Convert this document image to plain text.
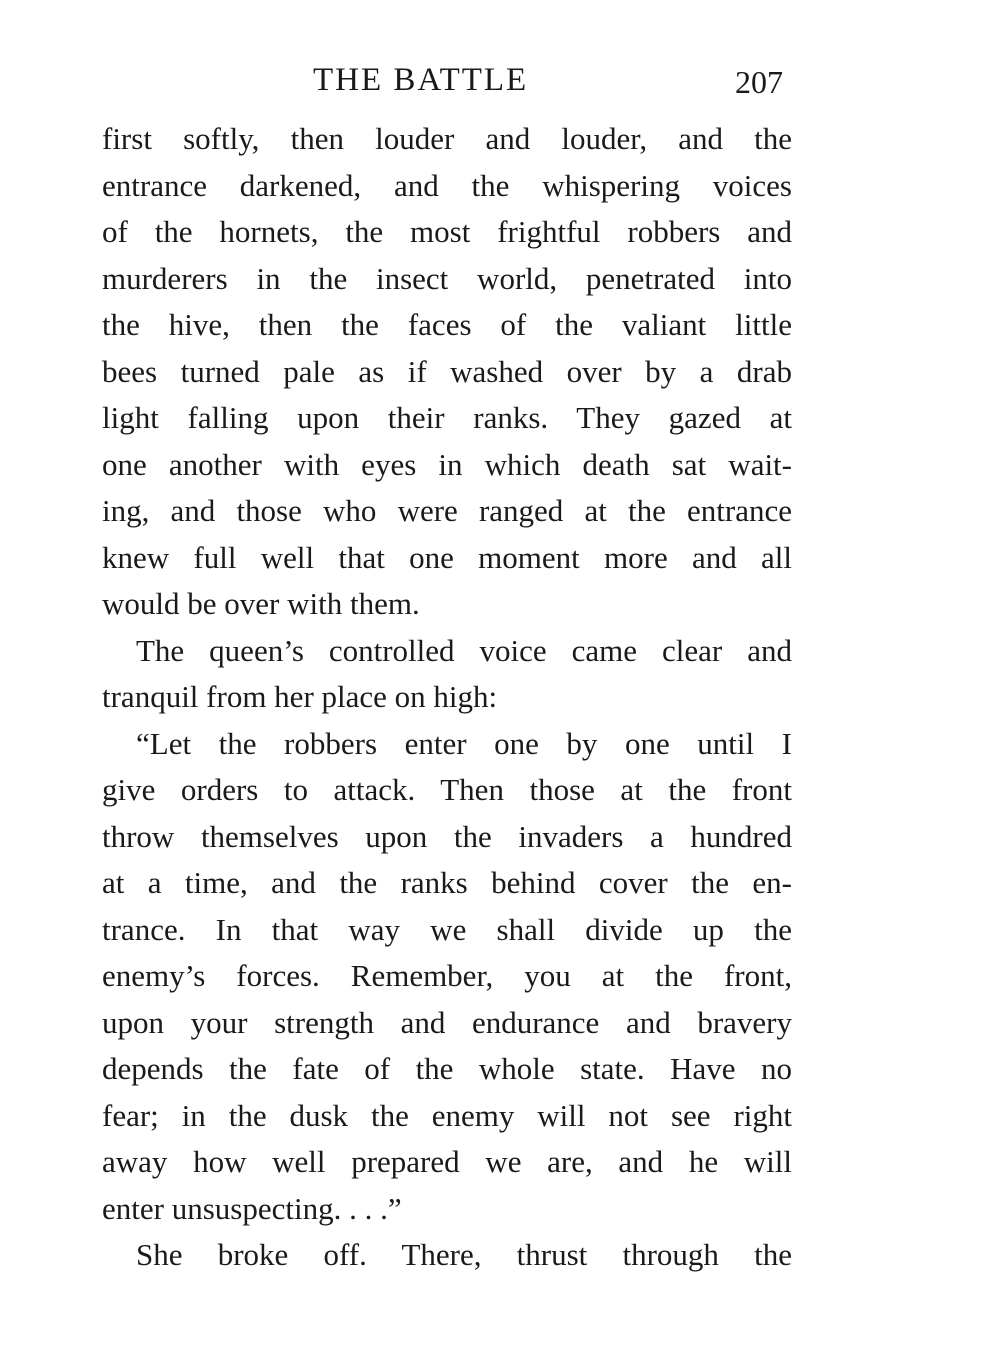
THE BATTLE	207
first softly, then louder and louder, and the
entrance darkened, and the whispering voices
of the hornets, the most frightful robbers and
murderers in the insect world, penetrated into
the hive, then the faces of the valiant little
bees turned pale as if washed over by a drab
light falling upon their ranks. They gazed at
one another with eyes in which death sat wait-
ing, and those who were ranged at the entrance
knew full well that one moment more and all
would be over with them.
The queen’s controlled voice came clear and
tranquil from her place on high:
“Let the robbers enter one by one until I
give orders to attack. Then those at the front
throw themselves upon the invaders a hundred
at a time, and the ranks behind cover the en-
trance. In that way we shall divide up the
enemy’s forces. Remember, you at the front,
upon your strength and endurance and bravery
depends the fate of the whole state. Have no
fear; in the dusk the enemy will not see right
away how well prepared we are, and he will
enter unsuspecting. . . .”
She broke off. There, thrust through the
